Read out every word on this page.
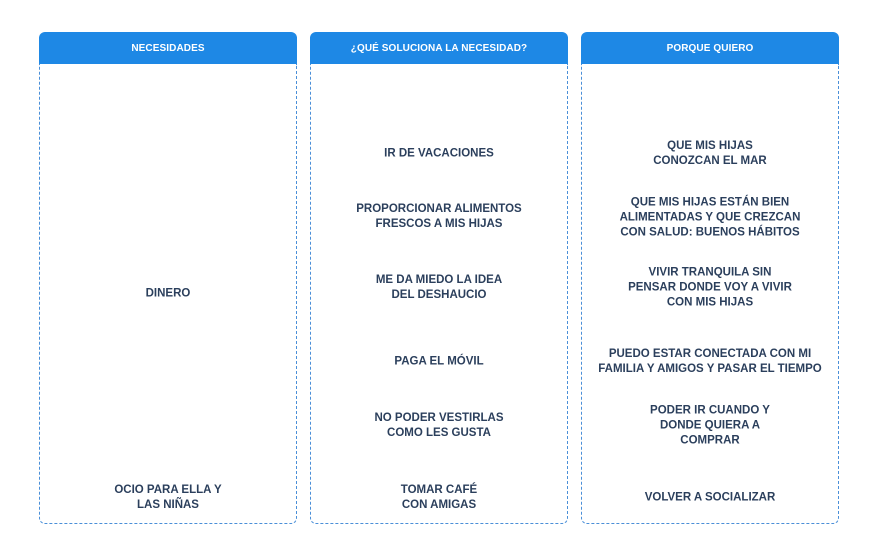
NECESIDADES
DINERO
OCIO PARA ELLA Y
LAS NIÑAS
¿QUÉ SOLUCIONA LA NECESIDAD?
IR DE VACACIONES
PROPORCIONAR ALIMENTOS
FRESCOS A MIS HIJAS
ME DA MIEDO LA IDEA
DEL DESHAUCIO
PAGA EL MÓVIL
NO PODER VESTIRLAS
COMO LES GUSTA
TOMAR CAFÉ
CON AMIGAS
PORQUE QUIERO
QUE MIS HIJAS
CONOZCAN EL MAR
QUE MIS HIJAS ESTÁN BIEN
ALIMENTADAS Y QUE CREZCAN
CON SALUD: BUENOS HÁBITOS
VIVIR TRANQUILA SIN
PENSAR DONDE VOY A VIVIR
CON MIS HIJAS
PUEDO ESTAR CONECTADA CON MI
FAMILIA Y AMIGOS Y PASAR EL TIEMPO
PODER IR CUANDO Y
DONDE QUIERA A
COMPRAR
VOLVER A SOCIALIZAR
